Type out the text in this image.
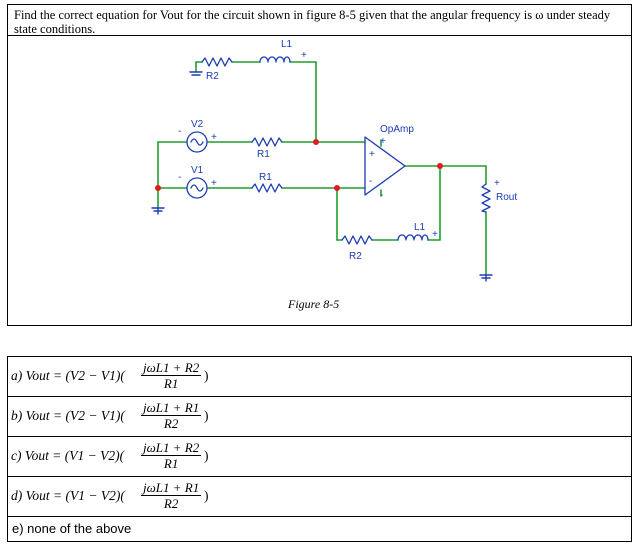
Find the correct equation for Vout for the circuit shown in figure 8-5 given that the angular frequency is ω under steady state conditions.
R2
L1
+
V2
+
-
V1
+
-
R1
R1
OpAmp
+
+
-
-
R2
L1
+
Rout
+
Figure 8-5
a) Vout = (V2 − V1)(
jωL1 + R2
R1
)
b) Vout = (V2 − V1)(
jωL1 + R1
R2
)
c) Vout = (V1 − V2)(
jωL1 + R2
R1
)
d) Vout = (V1 − V2)(
jωL1 + R1
R2
)
e) none of the above
